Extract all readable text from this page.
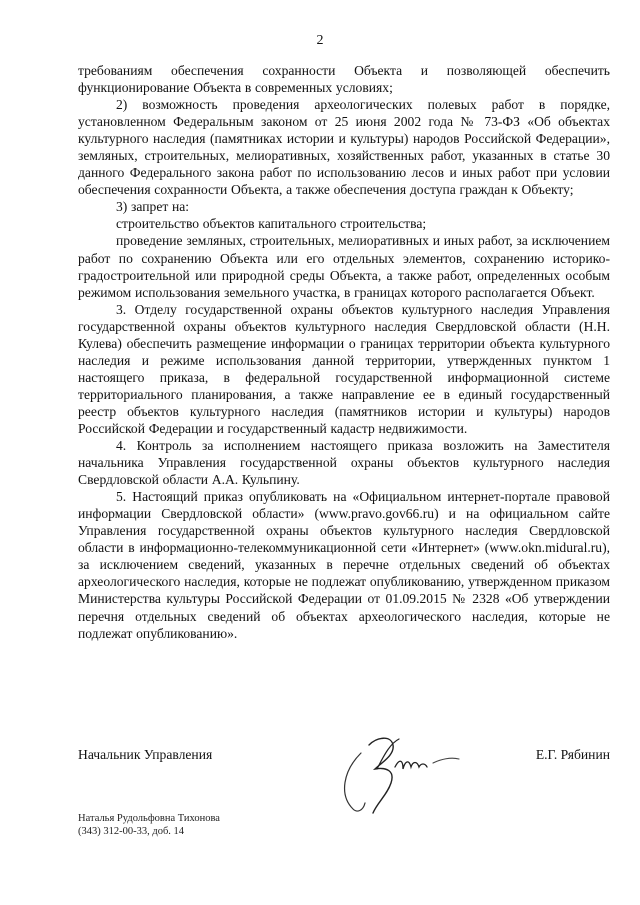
2

требованиям обеспечения сохранности Объекта и позволяющей обеспечить функционирование Объекта в современных условиях;

2) возможность проведения археологических полевых работ в порядке, установленном Федеральным законом от 25 июня 2002 года № 73-ФЗ «Об объектах культурного наследия (памятниках истории и культуры) народов Российской Федерации», земляных, строительных, мелиоративных, хозяйственных работ, указанных в статье 30 данного Федерального закона работ по использованию лесов и иных работ при условии обеспечения сохранности Объекта, а также обеспечения доступа граждан к Объекту;

3) запрет на:

строительство объектов капитального строительства;

проведение земляных, строительных, мелиоративных и иных работ, за исключением работ по сохранению Объекта или его отдельных элементов, сохранению историко-градостроительной или природной среды Объекта, а также работ, определенных особым режимом использования земельного участка, в границах которого располагается Объект.

3. Отделу государственной охраны объектов культурного наследия Управления государственной охраны объектов культурного наследия Свердловской области (Н.Н. Кулева) обеспечить размещение информации о границах территории объекта культурного наследия и режиме использования данной территории, утвержденных пунктом 1 настоящего приказа, в федеральной государственной информационной системе территориального планирования, а также направление ее в единый государственный реестр объектов культурного наследия (памятников истории и культуры) народов Российской Федерации и государственный кадастр недвижимости.

4. Контроль за исполнением настоящего приказа возложить на Заместителя начальника Управления государственной охраны объектов культурного наследия Свердловской области А.А. Кульпину.

5. Настоящий приказ опубликовать на «Официальном интернет-портале правовой информации Свердловской области» (www.pravo.gov66.ru) и на официальном сайте Управления государственной охраны объектов культурного наследия Свердловской области в информационно-телекоммуникационной сети «Интернет» (www.okn.midural.ru), за исключением сведений, указанных в перечне отдельных сведений об объектах археологического наследия, которые не подлежат опубликованию, утвержденном приказом Министерства культуры Российской Федерации от 01.09.2015 № 2328 «Об утверждении перечня отдельных сведений об объектах археологического наследия, которые не подлежат опубликованию».

Начальник Управления	Е.Г. Рябинин
Наталья Рудольфовна Тихонова
(343) 312-00-33, доб. 14
